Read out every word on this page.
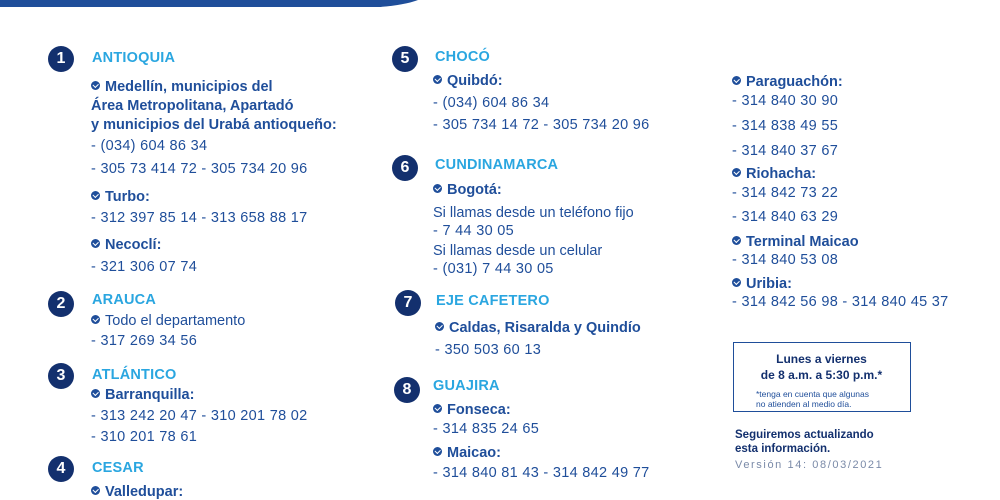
1	ANTIOQUIA
Medellín, municipios del
Área Metropolitana, Apartadó
y municipios del Urabá antioqueño:
- (034) 604 86 34
- 305 73 414 72 - 305 734 20 96
Turbo:
- 312 397 85 14 - 313 658 88 17
Necoclí:
- 321 306 07 74
2	ARAUCA
Todo el departamento
- 317 269 34 56
3	ATLÁNTICO
Barranquilla:
- 313 242 20 47 - 310 201 78 02
- 310 201 78 61
4	CESAR
Valledupar:
5	CHOCÓ
Quibdó:
- (034) 604 86 34
- 305 734 14 72 - 305 734 20 96
6	CUNDINAMARCA
Bogotá:
Si llamas desde un teléfono fijo
- 7 44 30 05
Si llamas desde un celular
- (031) 7 44 30 05
7	EJE CAFETERO
Caldas, Risaralda y Quindío
- 350 503 60 13
8	GUAJIRA
Fonseca:
- 314 835 24 65
Maicao:
- 314 840 81 43 - 314 842 49 77
Paraguachón:
- 314 840 30 90
- 314 838 49 55
- 314 840 37 67
Riohacha:
- 314 842 73 22
- 314 840 63 29
Terminal Maicao
- 314 840 53 08
Uribia:
- 314 842 56 98 - 314 840 45 37
Lunes a viernes
de 8 a.m. a 5:30 p.m.*
*tenga en cuenta que algunas
no atienden al medio día.
Seguiremos actualizando
esta información.
Versión 14: 08/03/2021
